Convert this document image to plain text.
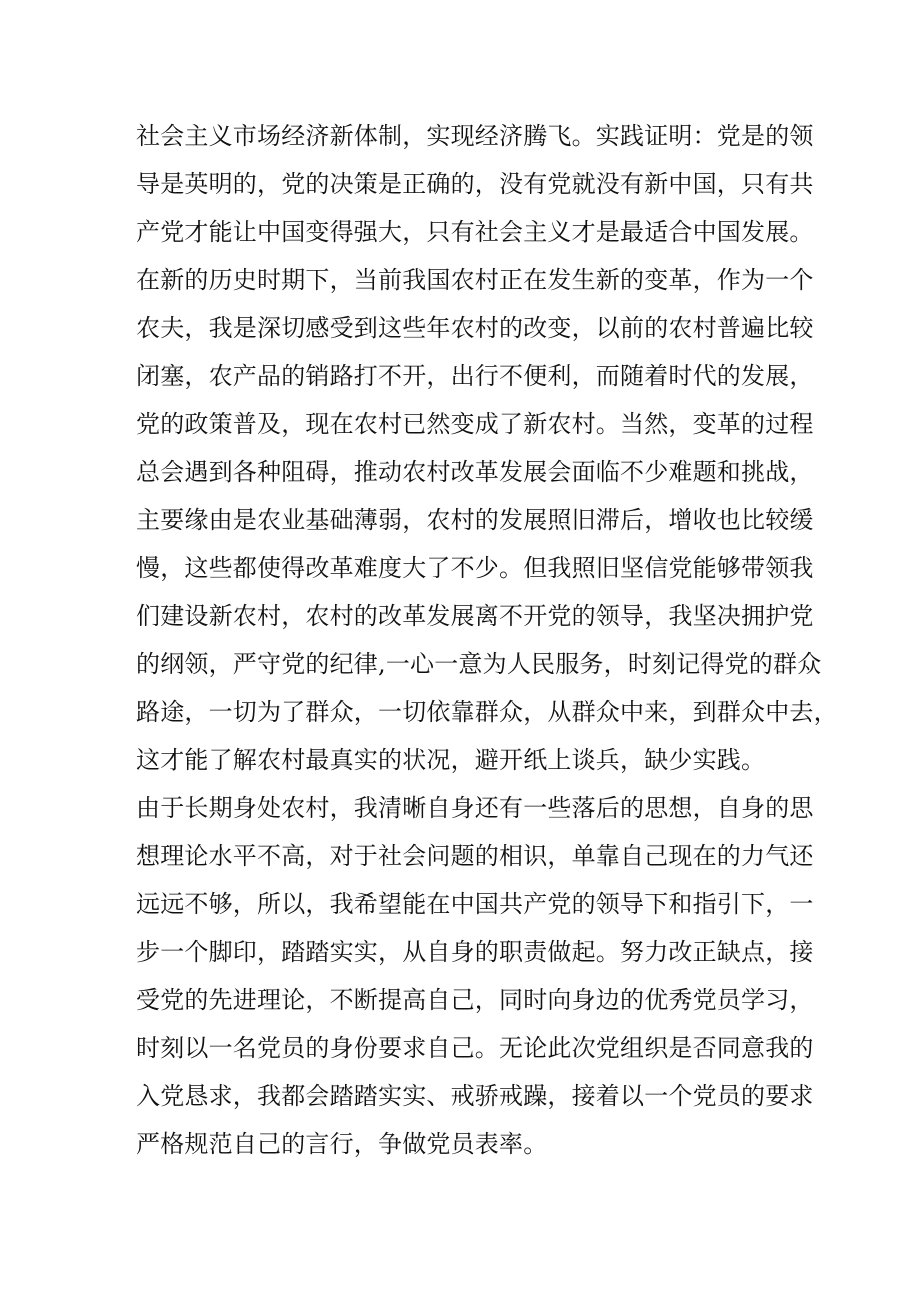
社会主义市场经济新体制，实现经济腾飞。实践证明：党是的领
导是英明的，党的决策是正确的，没有党就没有新中国，只有共
产党才能让中国变得强大，只有社会主义才是最适合中国发展。
在新的历史时期下，当前我国农村正在发生新的变革，作为一个
农夫，我是深切感受到这些年农村的改变，以前的农村普遍比较
闭塞，农产品的销路打不开，出行不便利，而随着时代的发展，
党的政策普及，现在农村已然变成了新农村。当然，变革的过程
总会遇到各种阻碍，推动农村改革发展会面临不少难题和挑战，
主要缘由是农业基础薄弱，农村的发展照旧滞后，增收也比较缓
慢，这些都使得改革难度大了不少。但我照旧坚信党能够带领我
们建设新农村，农村的改革发展离不开党的领导，我坚决拥护党
的纲领，严守党的纪律,一心一意为人民服务，时刻记得党的群众
路途，一切为了群众，一切依靠群众，从群众中来，到群众中去，
这才能了解农村最真实的状况，避开纸上谈兵，缺少实践。
由于长期身处农村，我清晰自身还有一些落后的思想，自身的思
想理论水平不高，对于社会问题的相识，单靠自己现在的力气还
远远不够，所以，我希望能在中国共产党的领导下和指引下，一
步一个脚印，踏踏实实，从自身的职责做起。努力改正缺点，接
受党的先进理论，不断提高自己，同时向身边的优秀党员学习，
时刻以一名党员的身份要求自己。无论此次党组织是否同意我的
入党恳求，我都会踏踏实实、戒骄戒躁，接着以一个党员的要求
严格规范自己的言行，争做党员表率。
